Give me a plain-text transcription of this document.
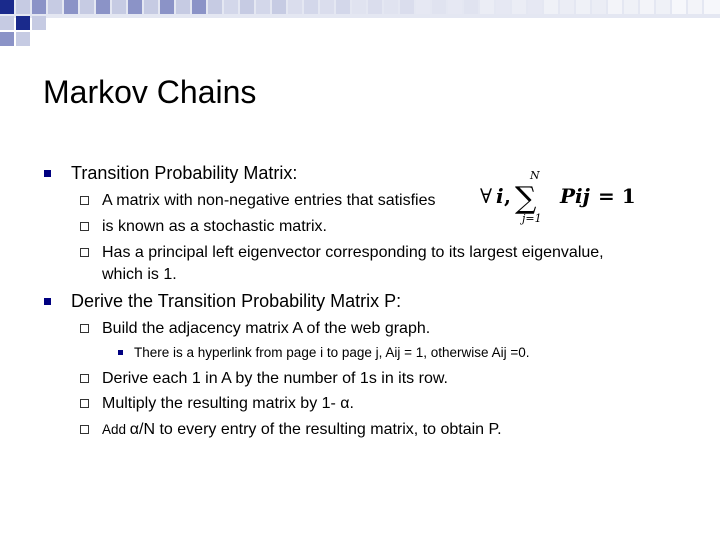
Markov Chains
Transition Probability Matrix:
A matrix with non-negative entries that satisfies
is known as a stochastic matrix.
Has a principal left eigenvector corresponding to its largest eigenvalue,
which is 1.
Derive the Transition Probability Matrix P:
Build the adjacency matrix A of the web graph.
There is a hyperlink from page i to page j, Aij = 1, otherwise Aij =0.
Derive each 1 in A by the number of 1s in its row.
Multiply the resulting matrix by 1- α.
Add α/N to every entry of the resulting matrix, to obtain P.
∀ i ,
N
∑
j=1
Pij = 1
